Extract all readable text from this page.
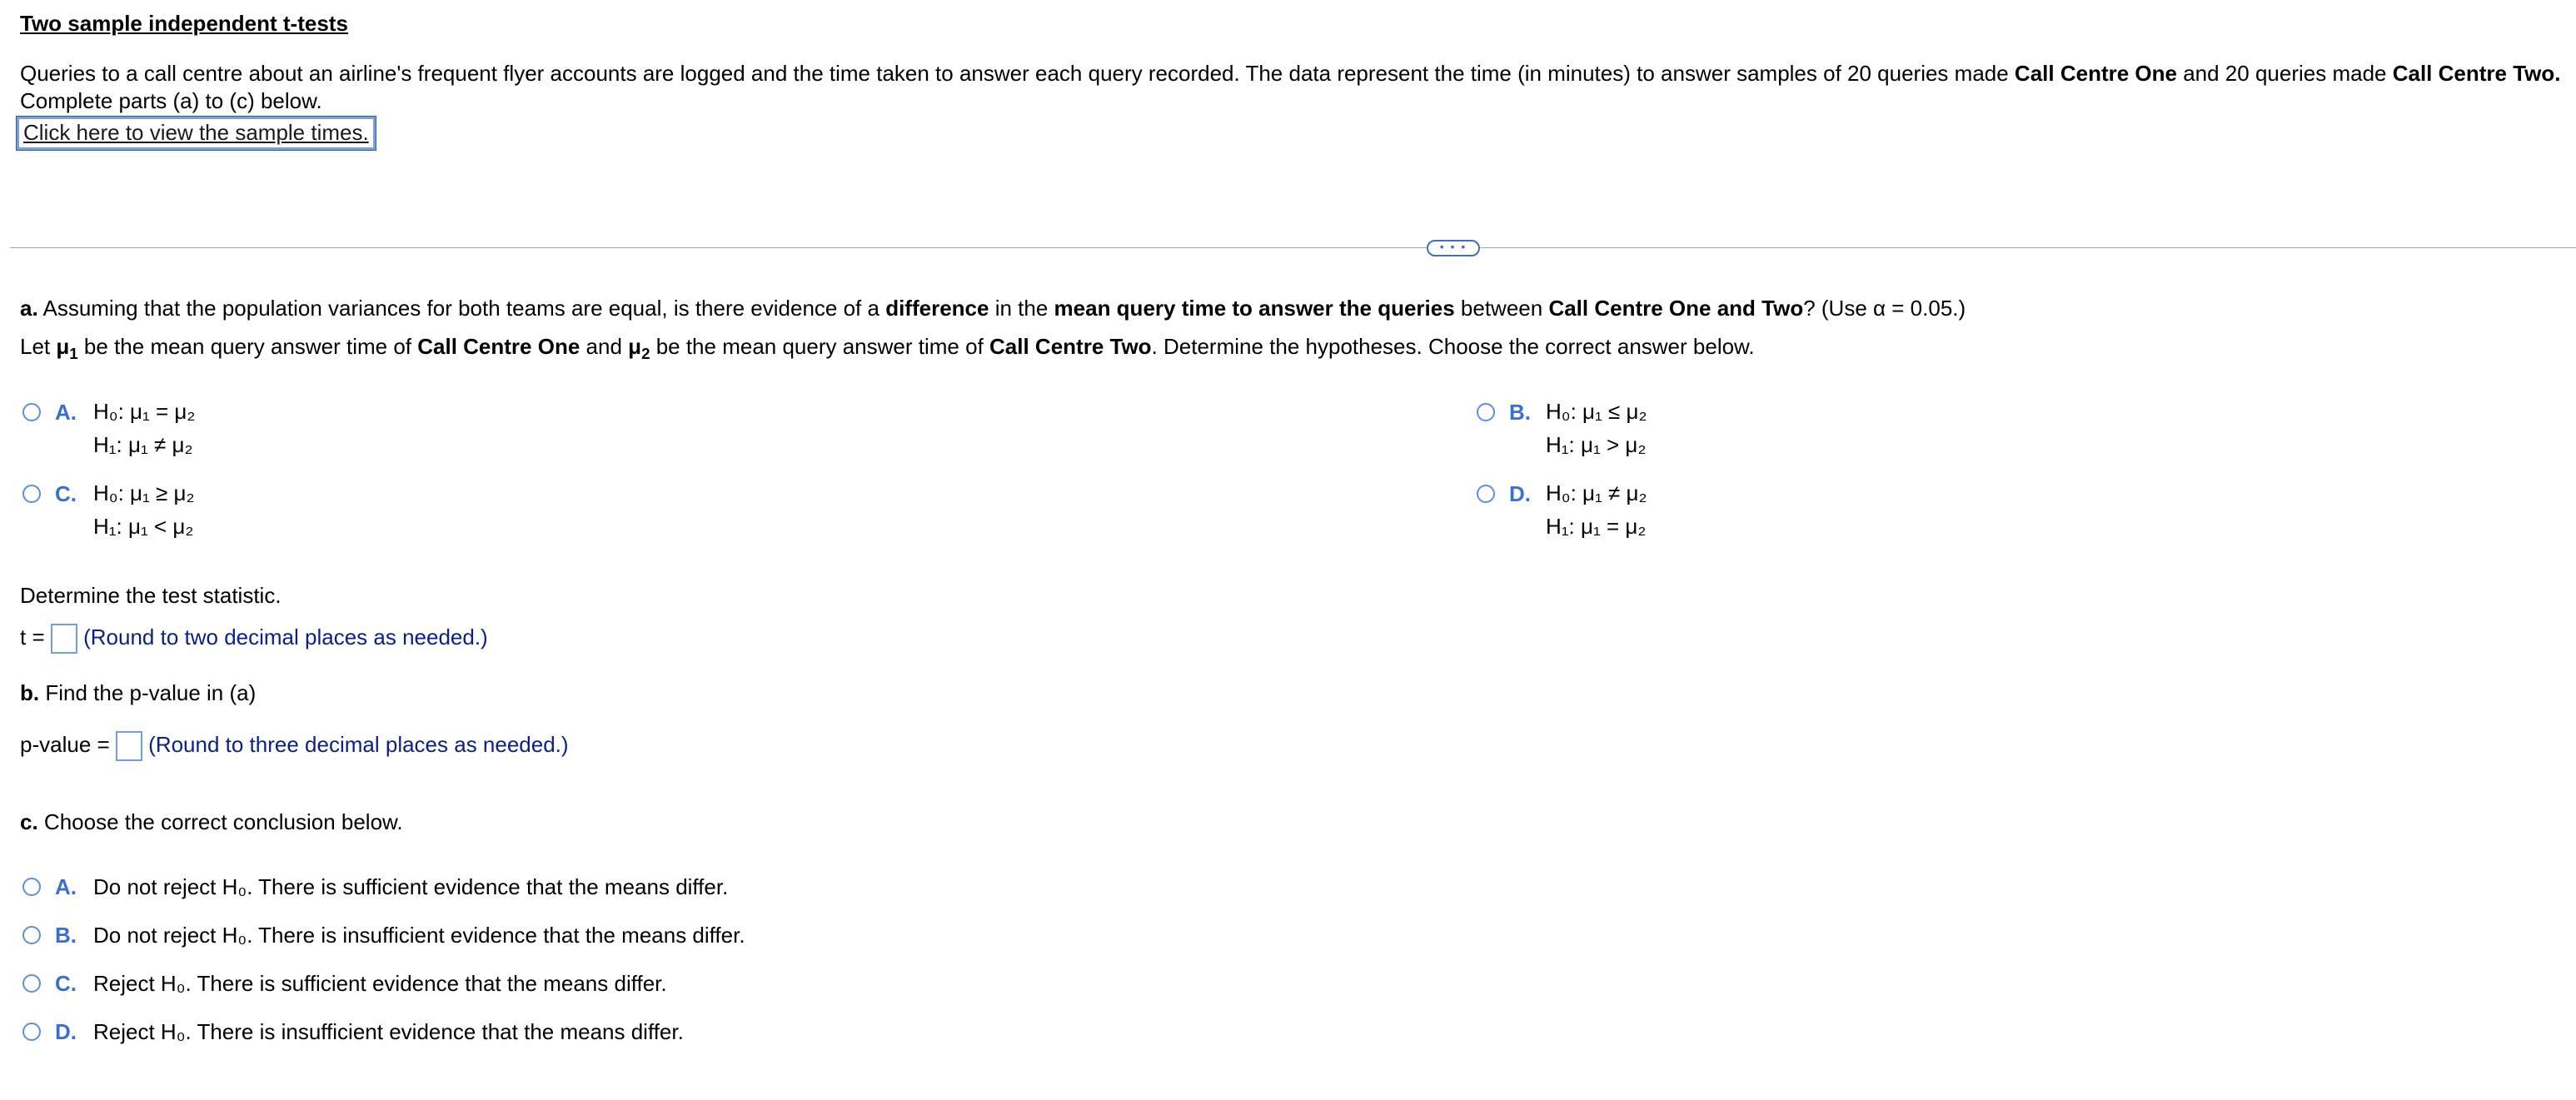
Two sample independent t-tests
Queries to a call centre about an airline's frequent flyer accounts are logged and the time taken to answer each query recorded. The data represent the time (in minutes) to answer samples of 20 queries made Call Centre One and 20 queries made Call Centre Two.
Complete parts (a) to (c) below.
Click here to view the sample times.
• • •
a. Assuming that the population variances for both teams are equal, is there evidence of a difference in the mean query time to answer the queries between Call Centre One and Two? (Use α = 0.05.)
Let $\mu_1$ be the mean query answer time of Call Centre One and $\mu_2$ be the mean query answer time of Call Centre Two. Determine the hypotheses. Choose the correct answer below.
A. H₀: μ₁ = μ₂
H₁: μ₁ ≠ μ₂
B. H₀: μ₁ ≤ μ₂
H₁: μ₁ > μ₂
C. H₀: μ₁ ≥ μ₂
H₁: μ₁ < μ₂
D. H₀: μ₁ ≠ μ₂
H₁: μ₁ = μ₂
Determine the test statistic.
t = (Round to two decimal places as needed.)
b. Find the p-value in (a)
p-value = (Round to three decimal places as needed.)
c. Choose the correct conclusion below.
A. Do not reject H₀. There is sufficient evidence that the means differ.
B. Do not reject H₀. There is insufficient evidence that the means differ.
C. Reject H₀. There is sufficient evidence that the means differ.
D. Reject H₀. There is insufficient evidence that the means differ.
